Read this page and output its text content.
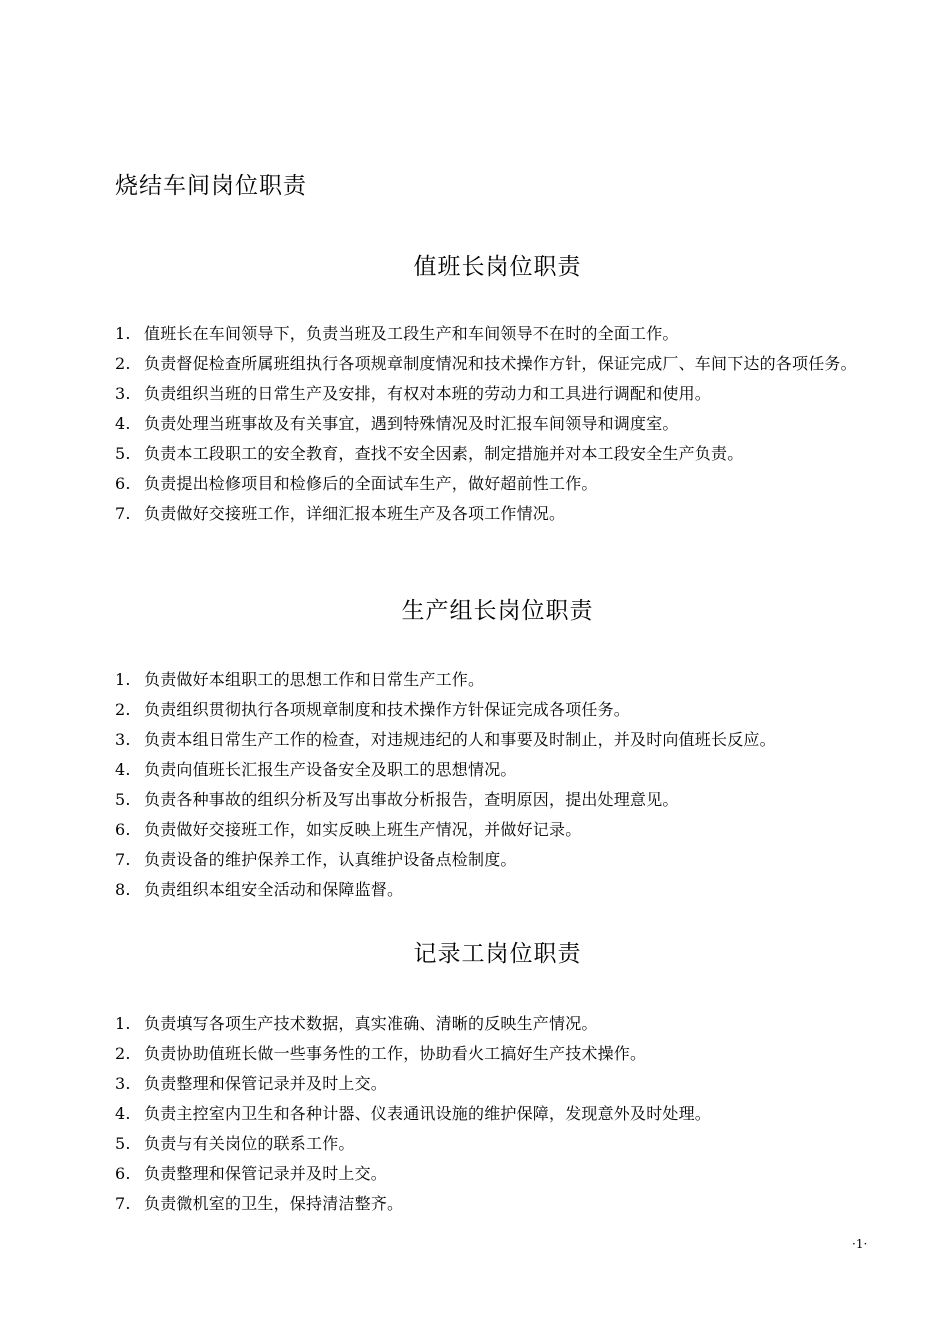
烧结车间岗位职责
值班长岗位职责
1. 值班长在车间领导下，负责当班及工段生产和车间领导不在时的全面工作。
2. 负责督促检查所属班组执行各项规章制度情况和技术操作方针，保证完成厂、车间下达的各项任务。
3. 负责组织当班的日常生产及安排，有权对本班的劳动力和工具进行调配和使用。
4. 负责处理当班事故及有关事宜，遇到特殊情况及时汇报车间领导和调度室。
5. 负责本工段职工的安全教育，查找不安全因素，制定措施并对本工段安全生产负责。
6. 负责提出检修项目和检修后的全面试车生产，做好超前性工作。
7. 负责做好交接班工作，详细汇报本班生产及各项工作情况。
生产组长岗位职责
1. 负责做好本组职工的思想工作和日常生产工作。
2. 负责组织贯彻执行各项规章制度和技术操作方针保证完成各项任务。
3. 负责本组日常生产工作的检查，对违规违纪的人和事要及时制止，并及时向值班长反应。
4. 负责向值班长汇报生产设备安全及职工的思想情况。
5. 负责各种事故的组织分析及写出事故分析报告，查明原因，提出处理意见。
6. 负责做好交接班工作，如实反映上班生产情况，并做好记录。
7. 负责设备的维护保养工作，认真维护设备点检制度。
8. 负责组织本组安全活动和保障监督。
记录工岗位职责
1. 负责填写各项生产技术数据，真实准确、清晰的反映生产情况。
2. 负责协助值班长做一些事务性的工作，协助看火工搞好生产技术操作。
3. 负责整理和保管记录并及时上交。
4. 负责主控室内卫生和各种计器、仪表通讯设施的维护保障，发现意外及时处理。
5. 负责与有关岗位的联系工作。
6. 负责整理和保管记录并及时上交。
7. 负责微机室的卫生，保持清洁整齐。

·1·
